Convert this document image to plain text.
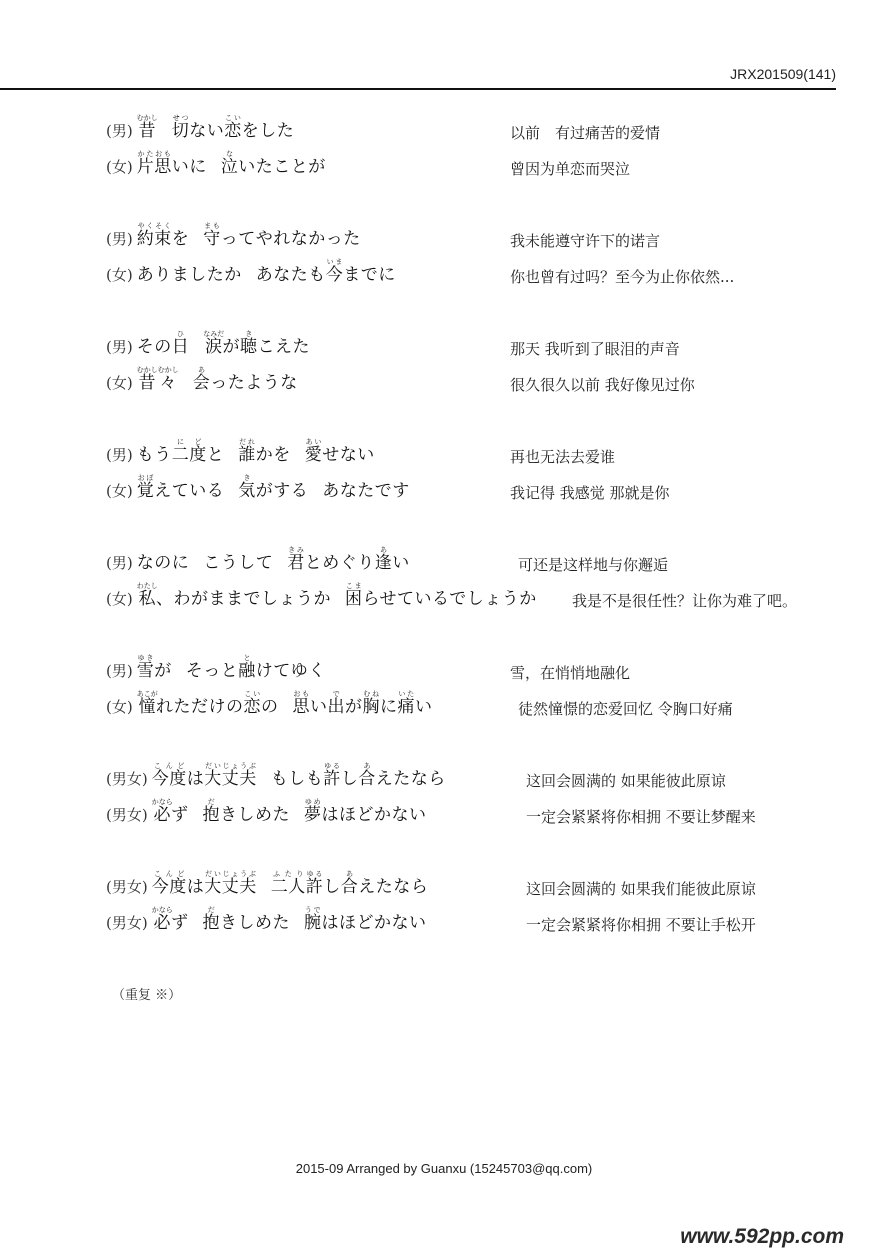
JRX201509(141)
(男) 昔むかし切せつない恋こいをした	以前　有过痛苦的爱情
(女) 片思かたおもいに 泣ないたことが	曾因为单恋而哭泣
(男) 約束やくそくを 守まもってやれなかった	我未能遵守许下的诺言
(女) ありましたか あなたも今いままでに	你也曾有过吗？至今为止你依然...
(男) その日ひ涙なみだが聴きこえた	那天 我听到了眼泪的声音
(女) 昔々むかしむかし会あったような	很久很久以前 我好像见过你
(男) もう二度にどと 誰だれかを 愛あいせない	再也无法去爱谁
(女) 覚おぼえている 気きがする あなたです	我记得 我感觉 那就是你
(男) なのに こうして 君きみとめぐり逢あい	可还是这样地与你邂逅
(女) 私わたし、わがままでしょうか 困こまらせているでしょうか	我是不是很任性？让你为难了吧。
(男) 雪ゆきが そっと融とけてゆく	雪，在悄悄地融化
(女) 憧あこがれただけの恋こいの 思おもい出でが胸むねに痛いたい	徒然憧憬的恋爱回忆 令胸口好痛
(男女) 今度こんどは大丈夫だいじょうぶもしも許ゆるし合あえたなら	这回会圆满的 如果能彼此原谅
(男女) 必かならず 抱だきしめた 夢ゆめはほどかない	一定会紧紧将你相拥 不要让梦醒来
(男女) 今度こんどは大丈夫だいじょうぶ二人ふたり許ゆるし合あえたなら	这回会圆满的 如果我们能彼此原谅
(男女) 必かならず 抱だきしめた 腕うではほどかない	一定会紧紧将你相拥 不要让手松开
（重复 ※）
2015-09 Arranged by Guanxu (15245703@qq.com)
www.592pp.com
